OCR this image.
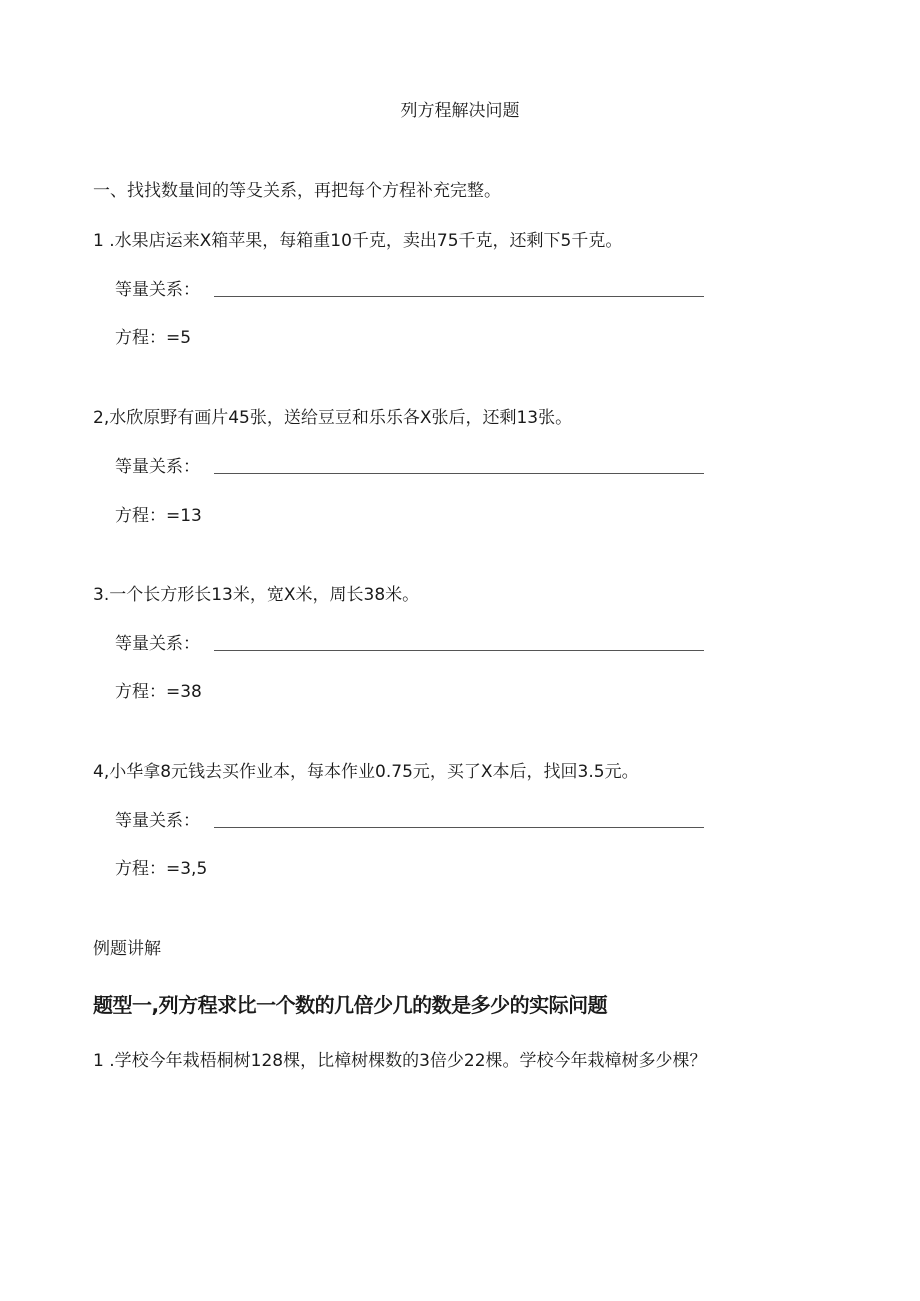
列方程解决问题
一、找找数量间的等殳关系，再把每个方程补充完整。
1 .水果店运来X箱苹果，每箱重10千克，卖出75千克，还剩下5千克。
等量关系：
方程：=5
2,水欣原野有画片45张，送给豆豆和乐乐各X张后，还剩13张。
等量关系：
方程：=13
3.一个长方形长13米，宽X米，周长38米。
等量关系：
方程：=38
4,小华拿8元钱去买作业本，每本作业0.75元，买了X本后，找回3.5元。
等量关系：
方程：=3,5
例题讲解
题型一,列方程求比一个数的几倍少几的数是多少的实际问题
1 .学校今年栽梧桐树128棵，比樟树棵数的3倍少22棵。学校今年栽樟树多少棵？
